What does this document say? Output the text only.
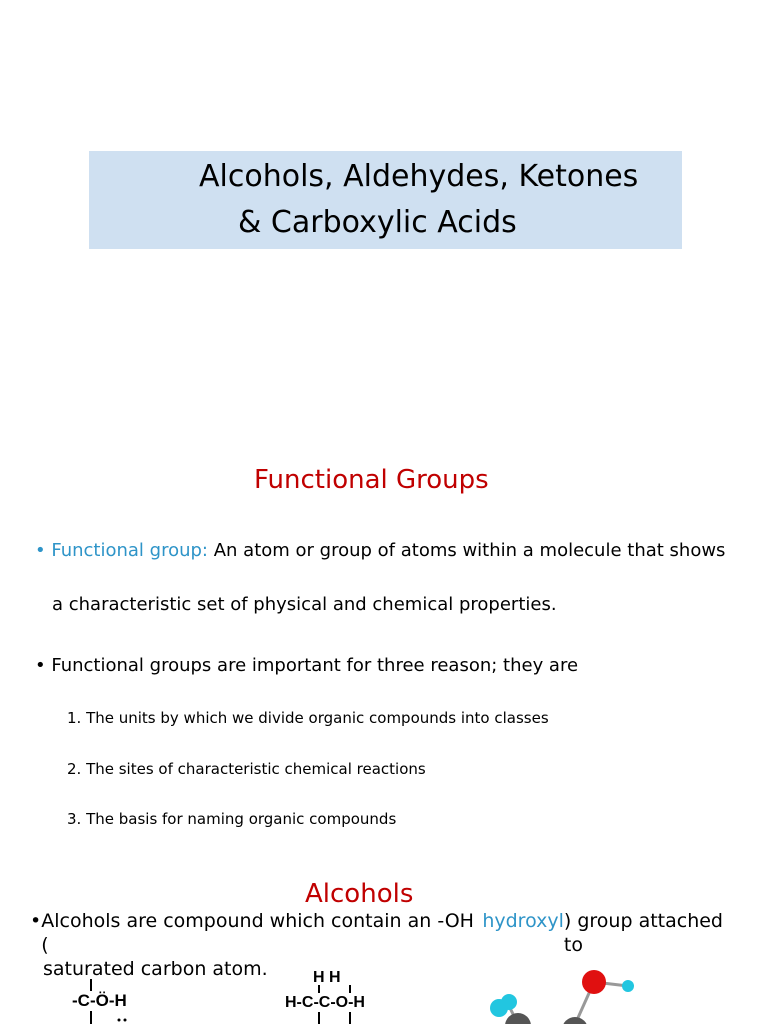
Alcohols, Aldehydes, Ketones
& Carboxylic Acids
Functional Groups
• Functional group: An atom or group of atoms within a molecule that shows
a characteristic set of physical and chemical properties.
• Functional groups are important for three reason; they are
1. The units by which we divide organic compounds into classes
2. The sites of characteristic chemical reactions
3. The basis for naming organic compounds
Alcohols
• Alcohols are compound which contain an -OH (
hydroxyl ) group attached to
saturated carbon atom.
-C-Ö-H
H H
H-C-C-O-H
